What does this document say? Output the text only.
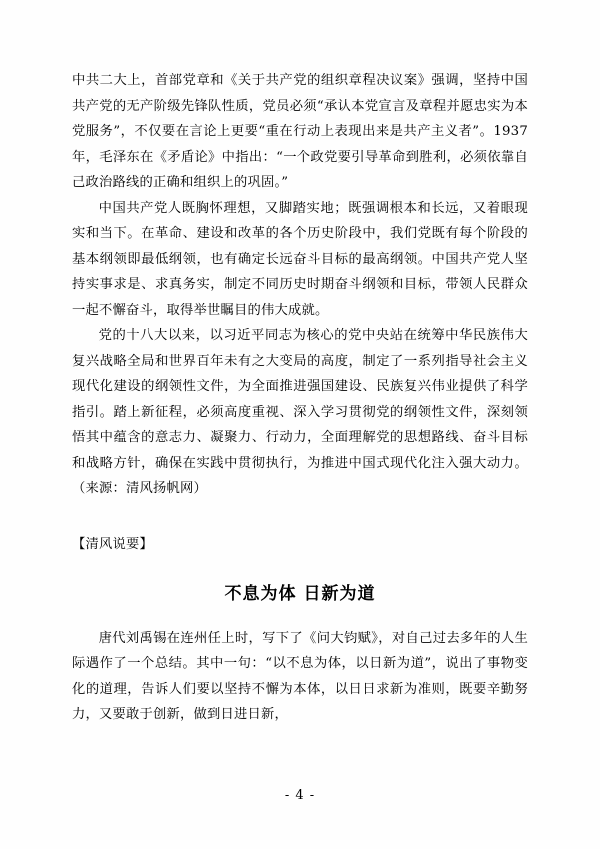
中共二大上，首部党章和《关于共产党的组织章程决议案》强调，坚持中国共产党的无产阶级先锋队性质，党员必须“承认本党宣言及章程并愿忠实为本党服务”，不仅要在言论上更要“重在行动上表现出来是共产主义者”。1937年，毛泽东在《矛盾论》中指出：“一个政党要引导革命到胜利，必须依靠自己政治路线的正确和组织上的巩固。”

中国共产党人既胸怀理想，又脚踏实地；既强调根本和长远，又着眼现实和当下。在革命、建设和改革的各个历史阶段中，我们党既有每个阶段的基本纲领即最低纲领，也有确定长远奋斗目标的最高纲领。中国共产党人坚持实事求是、求真务实，制定不同历史时期奋斗纲领和目标，带领人民群众一起不懈奋斗，取得举世瞩目的伟大成就。

党的十八大以来，以习近平同志为核心的党中央站在统筹中华民族伟大复兴战略全局和世界百年未有之大变局的高度，制定了一系列指导社会主义现代化建设的纲领性文件，为全面推进强国建设、民族复兴伟业提供了科学指引。踏上新征程，必须高度重视、深入学习贯彻党的纲领性文件，深刻领悟其中蕴含的意志力、凝聚力、行动力，全面理解党的思想路线、奋斗目标和战略方针，确保在实践中贯彻执行，为推进中国式现代化注入强大动力。（来源：清风扬帆网）

【清风说要】
不息为体 日新为道

唐代刘禹锡在连州任上时，写下了《问大钧赋》，对自己过去多年的人生际遇作了一个总结。其中一句：“以不息为体，以日新为道”，说出了事物变化的道理，告诉人们要以坚持不懈为本体，以日日求新为准则，既要辛勤努力，又要敢于创新，做到日进日新，

- 4 -
